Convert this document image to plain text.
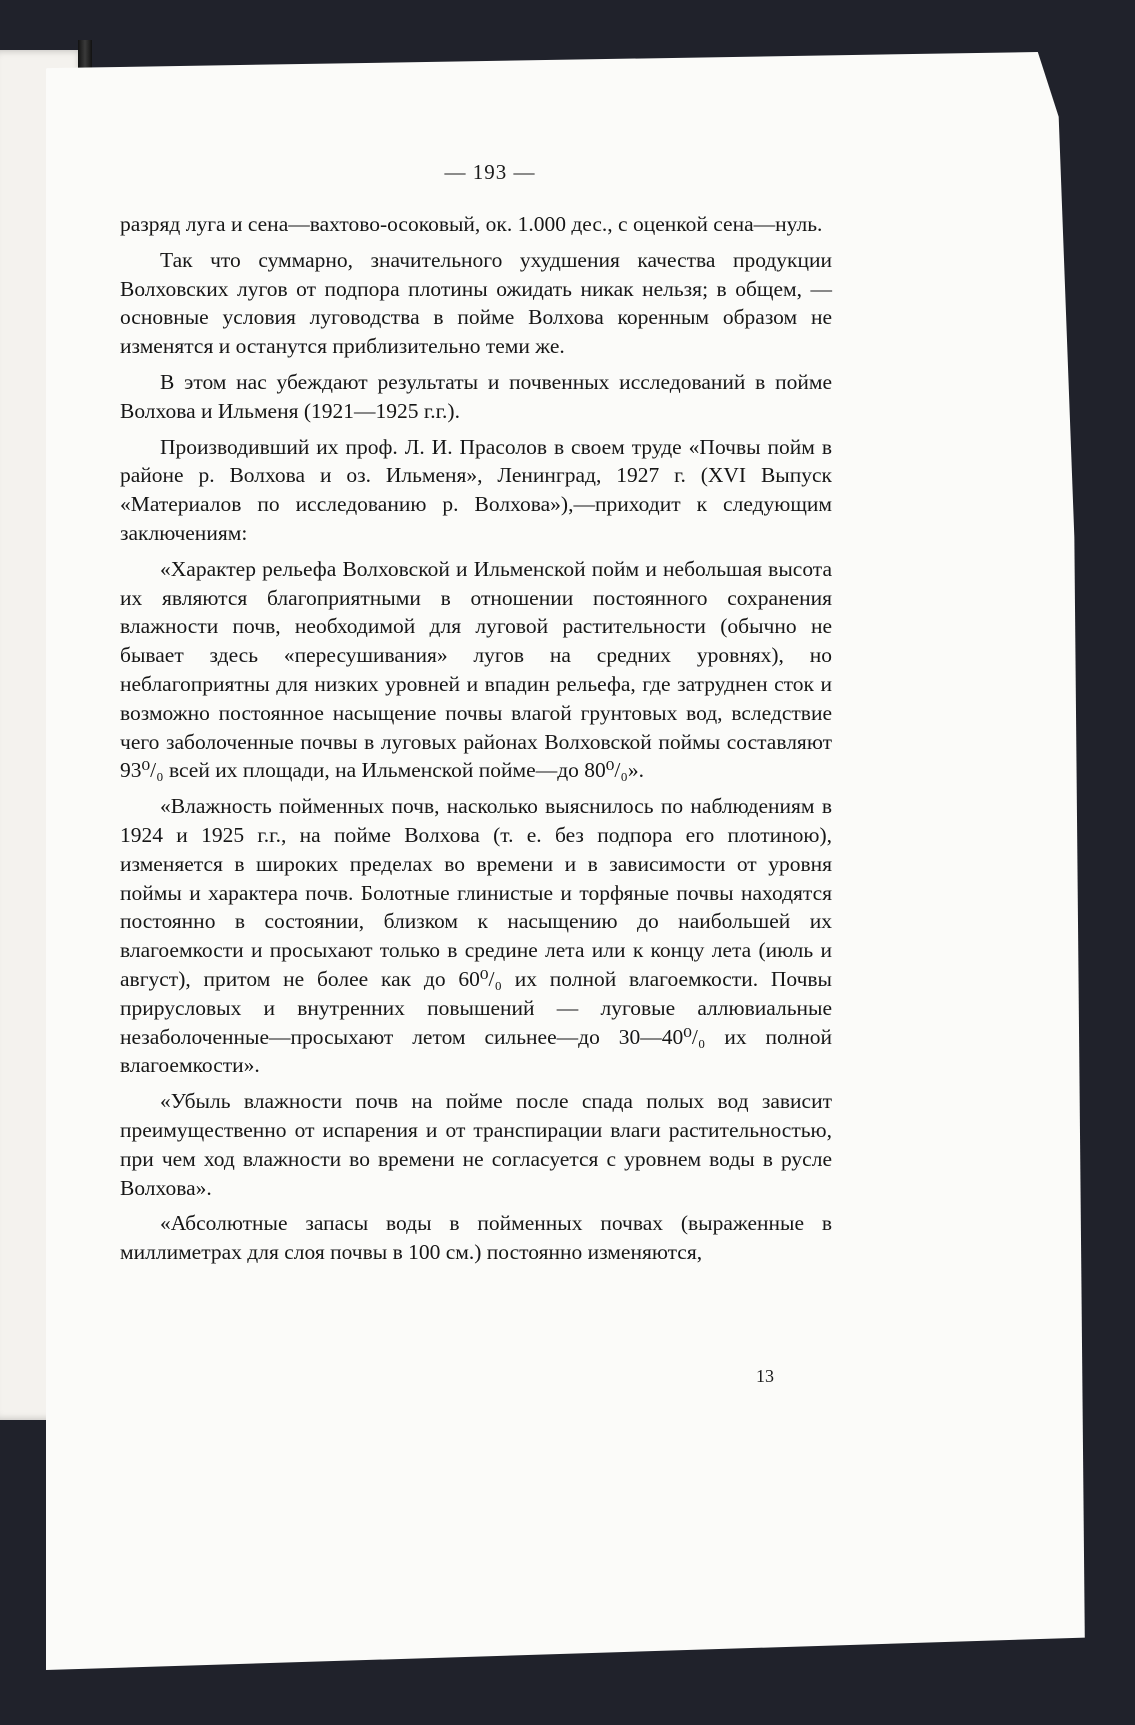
— 193 —

разряд луга и сена—вахтово-осоковый, ок. 1.000 дес., с оценкой сена—нуль.

Так что суммарно, значительного ухудшения качества продукции Волховских лугов от подпора плотины ожидать никак нельзя; в общем, — основные условия луговодства в пойме Волхова коренным образом не изменятся и останутся приблизительно теми же.

В этом нас убеждают результаты и почвенных исследований в пойме Волхова и Ильменя (1921—1925 г.г.).

Производивший их проф. Л. И. Прасолов в своем труде «Почвы пойм в районе р. Волхова и оз. Ильменя», Ленинград, 1927 г. (XVI Выпуск «Материалов по исследованию р. Волхова»),—приходит к следующим заключениям:

«Характер рельефа Волховской и Ильменской пойм и небольшая высота их являются благоприятными в отношении постоянного сохранения влажности почв, необходимой для луговой растительности (обычно не бывает здесь «пересушивания» лугов на средних уровнях), но неблагоприятны для низких уровней и впадин рельефа, где затруднен сток и возможно постоянное насыщение почвы влагой грунтовых вод, вследствие чего заболоченные почвы в луговых районах Волховской поймы составляют 93⁰/₀ всей их площади, на Ильменской пойме—до 80⁰/₀».

«Влажность пойменных почв, насколько выяснилось по наблюдениям в 1924 и 1925 г.г., на пойме Волхова (т. е. без подпора его плотиною), изменяется в широких пределах во времени и в зависимости от уровня поймы и характера почв. Болотные глинистые и торфяные почвы находятся постоянно в состоянии, близком к насыщению до наибольшей их влагоемкости и просыхают только в средине лета или к концу лета (июль и август), притом не более как до 60⁰/₀ их полной влагоемкости. Почвы прирусловых и внутренних повышений — луговые аллювиальные незаболоченные—просыхают летом сильнее—до 30—40⁰/₀ их полной влагоемкости».

«Убыль влажности почв на пойме после спада полых вод зависит преимущественно от испарения и от транспирации влаги растительностью, при чем ход влажности во времени не согласуется с уровнем воды в русле Волхова».

«Абсолютные запасы воды в пойменных почвах (выраженные в миллиметрах для слоя почвы в 100 см.) постоянно изменяются,

13
